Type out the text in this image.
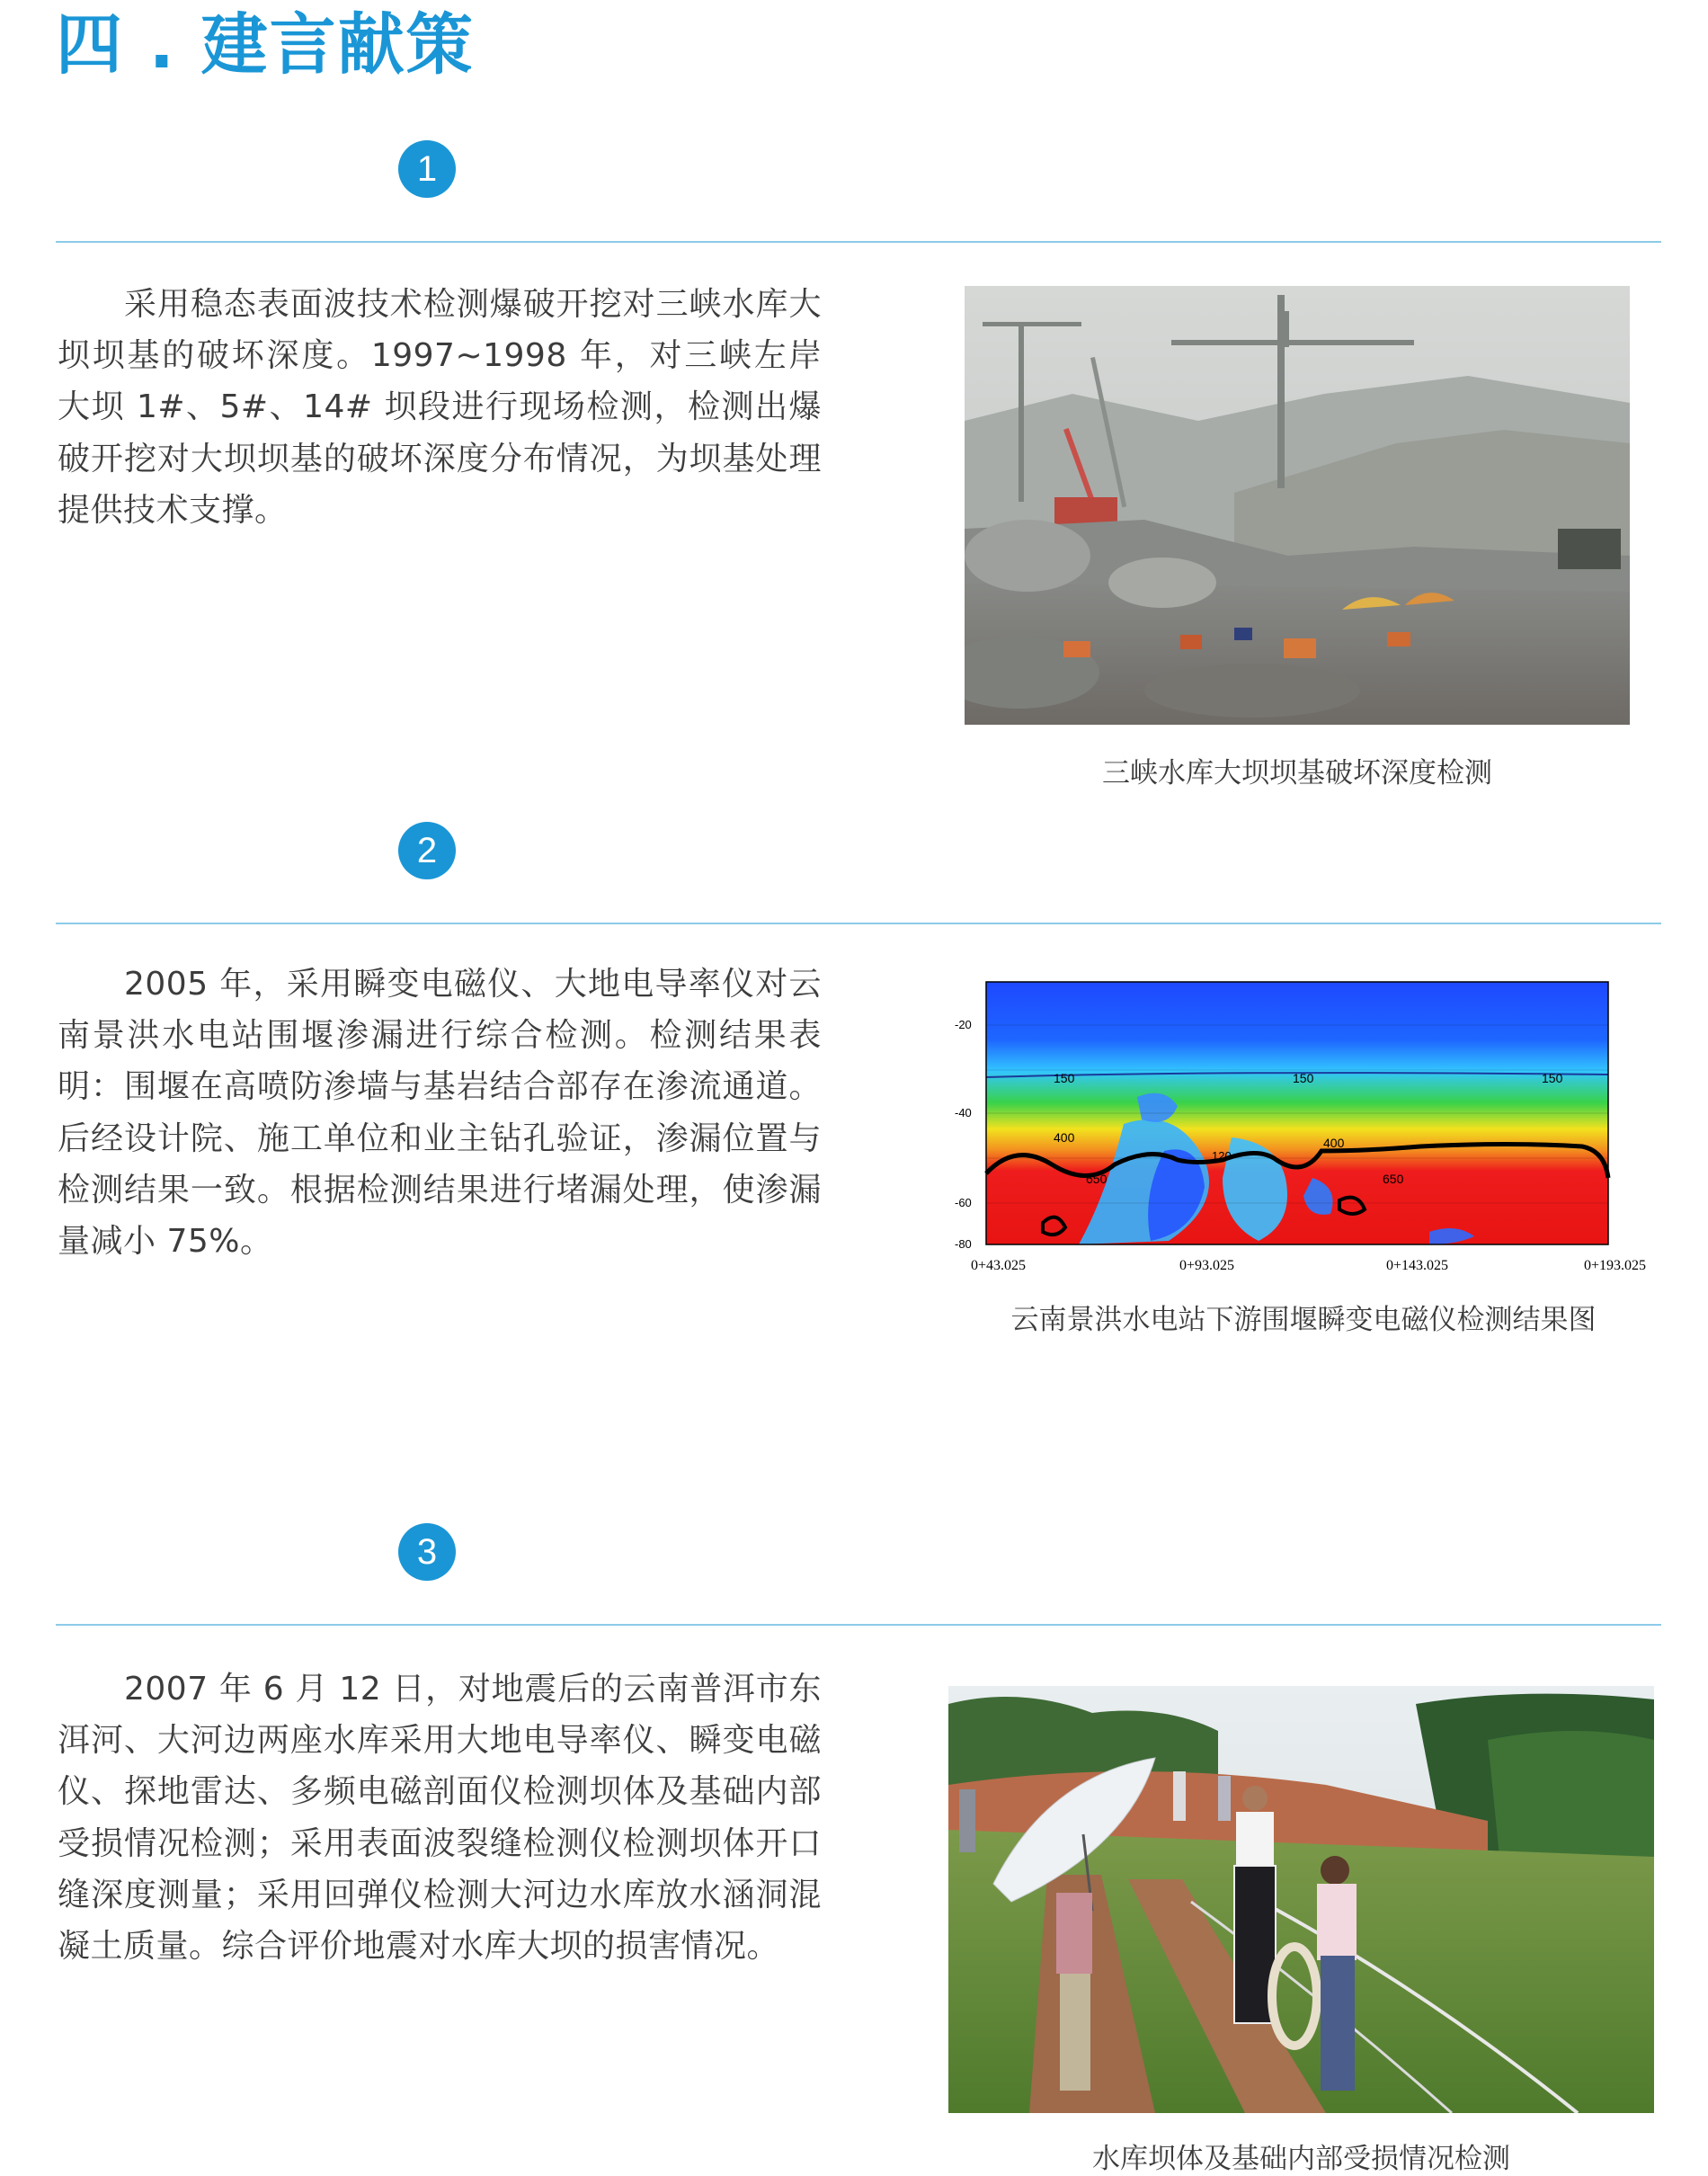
四 . 建言献策
1

采用稳态表面波技术检测爆破开挖对三峡水库大坝坝基的破坏深度。1997~1998 年，对三峡左岸大坝 1#、5#、14# 坝段进行现场检测，检测出爆破开挖对大坝坝基的破坏深度分布情况，为坝基处理提供技术支撑。

三峡水库大坝坝基破坏深度检测

2

2005 年，采用瞬变电磁仪、大地电导率仪对云南景洪水电站围堰渗漏进行综合检测。检测结果表明：围堰在高喷防渗墙与基岩结合部存在渗流通道。后经设计院、施工单位和业主钻孔验证，渗漏位置与检测结果一致。根据检测结果进行堵漏处理，使渗漏量减小 75%。

-20
-40
-60
-80
150	150	150
400	400
650	650
120
0+43.025	0+93.025	0+143.025	0+193.025

云南景洪水电站下游围堰瞬变电磁仪检测结果图

3

2007 年 6 月 12 日，对地震后的云南普洱市东洱河、大河边两座水库采用大地电导率仪、瞬变电磁仪、探地雷达、多频电磁剖面仪检测坝体及基础内部受损情况检测；采用表面波裂缝检测仪检测坝体开口缝深度测量；采用回弹仪检测大河边水库放水涵洞混凝土质量。综合评价地震对水库大坝的损害情况。

水库坝体及基础内部受损情况检测
